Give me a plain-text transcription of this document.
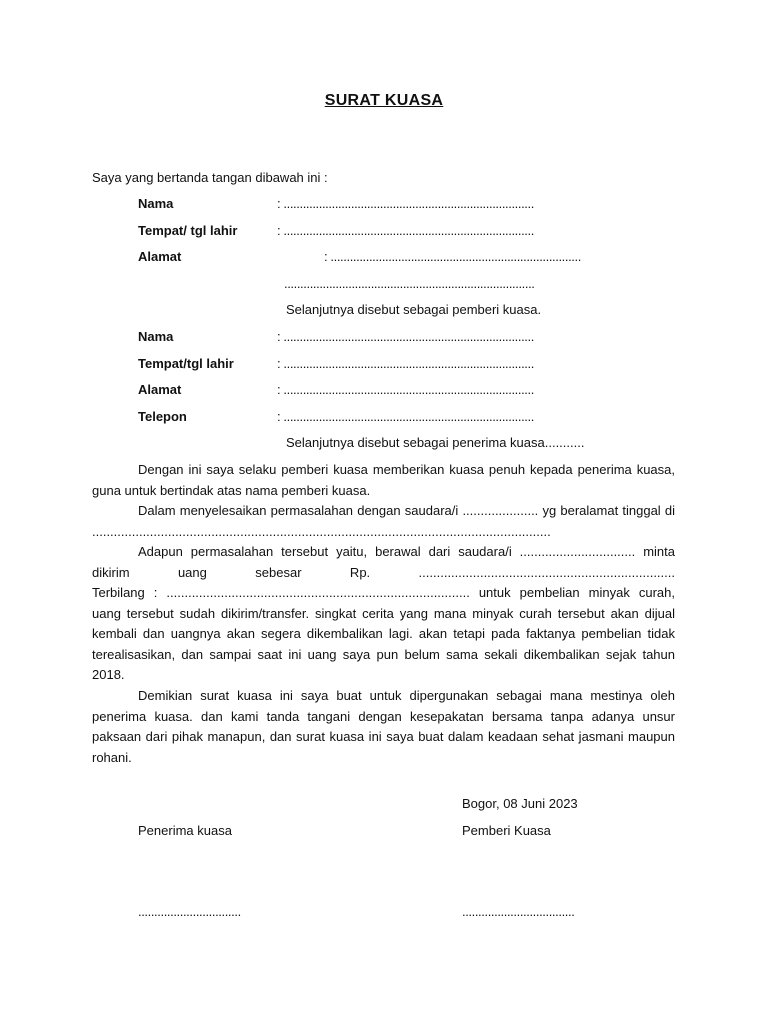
SURAT KUASA
Saya yang bertanda tangan dibawah ini :
Nama	: ..............................................................................
Tempat/ tgl lahir	: ..............................................................................
Alamat	: ..............................................................................
..............................................................................
Selanjutnya disebut sebagai pemberi kuasa.
Nama	: ..............................................................................
Tempat/tgl lahir	: ..............................................................................
Alamat	: ..............................................................................
Telepon	: ..............................................................................
Selanjutnya disebut sebagai penerima kuasa...........

Dengan ini saya selaku pemberi kuasa memberikan kuasa penuh kepada penerima kuasa, guna untuk bertindak atas nama pemberi kuasa.

Dalam menyelesaikan permasalahan dengan saudara/i ..................... yg beralamat tinggal di ...............................................................................................................................

Adapun permasalahan tersebut yaitu, berawal dari saudara/i ................................ minta dikirim uang sebesar Rp. .......................................................................

Terbilang : .................................................................................... untuk pembelian minyak curah, uang tersebut sudah dikirim/transfer. singkat cerita yang mana minyak curah tersebut akan dijual kembali dan uangnya akan segera dikembalikan lagi. akan tetapi pada faktanya pembelian tidak terealisasikan, dan sampai saat ini uang saya pun belum sama sekali dikembalikan sejak tahun 2018.

Demikian surat kuasa ini saya buat untuk dipergunakan sebagai mana mestinya oleh penerima kuasa. dan kami tanda tangani dengan kesepakatan bersama tanpa adanya unsur paksaan dari pihak manapun, dan surat kuasa ini saya buat dalam keadaan sehat jasmani maupun rohani.

Bogor, 08 Juni 2023
Penerima kuasa	Pemberi Kuasa
................................	...................................
